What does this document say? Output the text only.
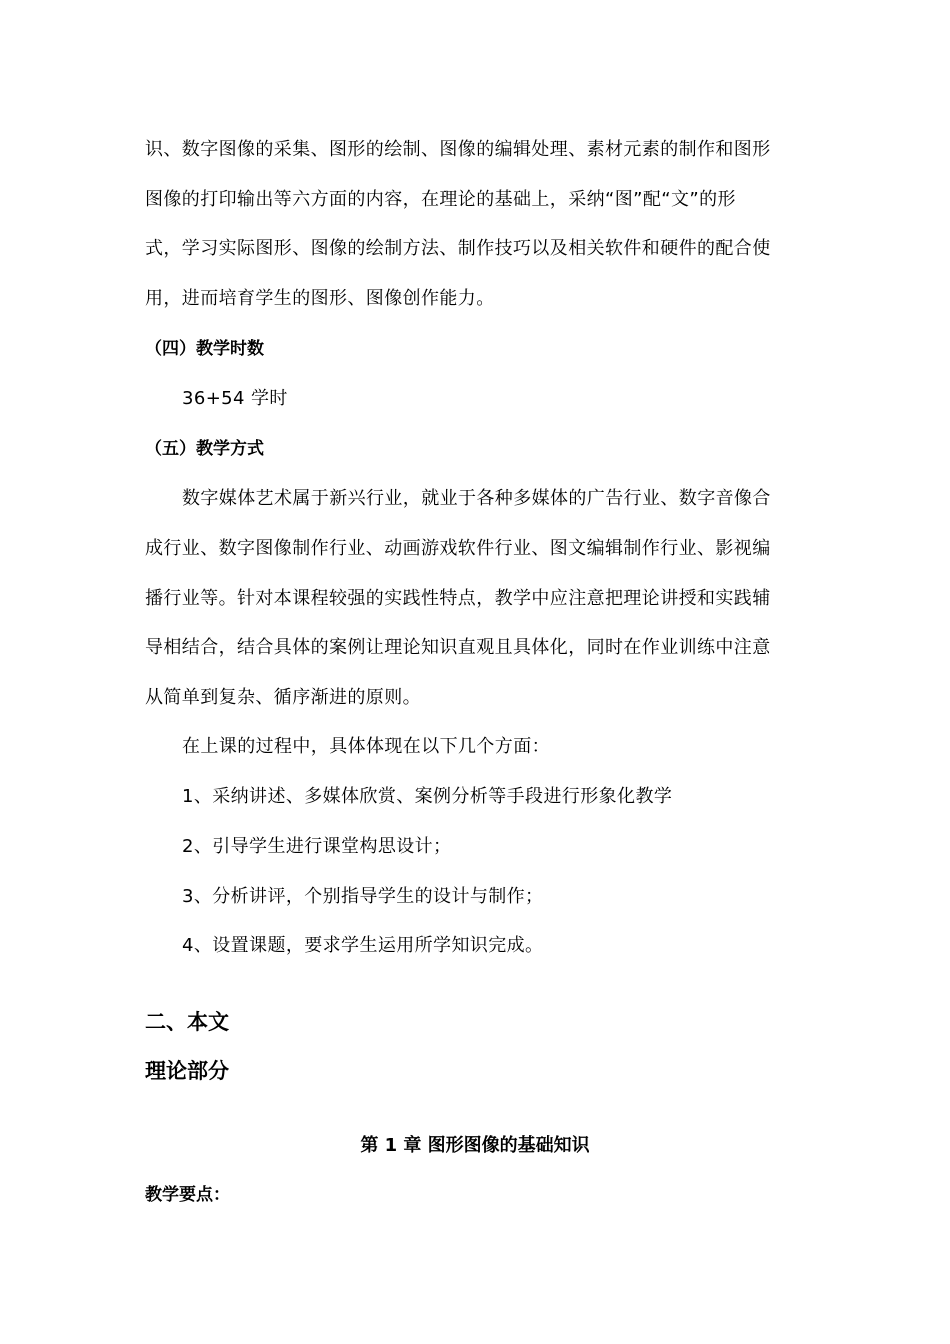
识、数字图像的采集、图形的绘制、图像的编辑处理、素材元素的制作和图形
图像的打印输出等六方面的内容，在理论的基础上，采纳“图”配“文”的形
式，学习实际图形、图像的绘制方法、制作技巧以及相关软件和硬件的配合使
用，进而培育学生的图形、图像创作能力。
（四）教学时数
36+54 学时
（五）教学方式
数字媒体艺术属于新兴行业，就业于各种多媒体的广告行业、数字音像合
成行业、数字图像制作行业、动画游戏软件行业、图文编辑制作行业、影视编
播行业等。针对本课程较强的实践性特点，教学中应注意把理论讲授和实践辅
导相结合，结合具体的案例让理论知识直观且具体化，同时在作业训练中注意
从简单到复杂、循序渐进的原则。
在上课的过程中，具体体现在以下几个方面：
1、采纳讲述、多媒体欣赏、案例分析等手段进行形象化教学
2、引导学生进行课堂构思设计；
3、分析讲评，个别指导学生的设计与制作；
4、设置课题，要求学生运用所学知识完成。
二、本文
理论部分
第 1 章 图形图像的基础知识
教学要点：
